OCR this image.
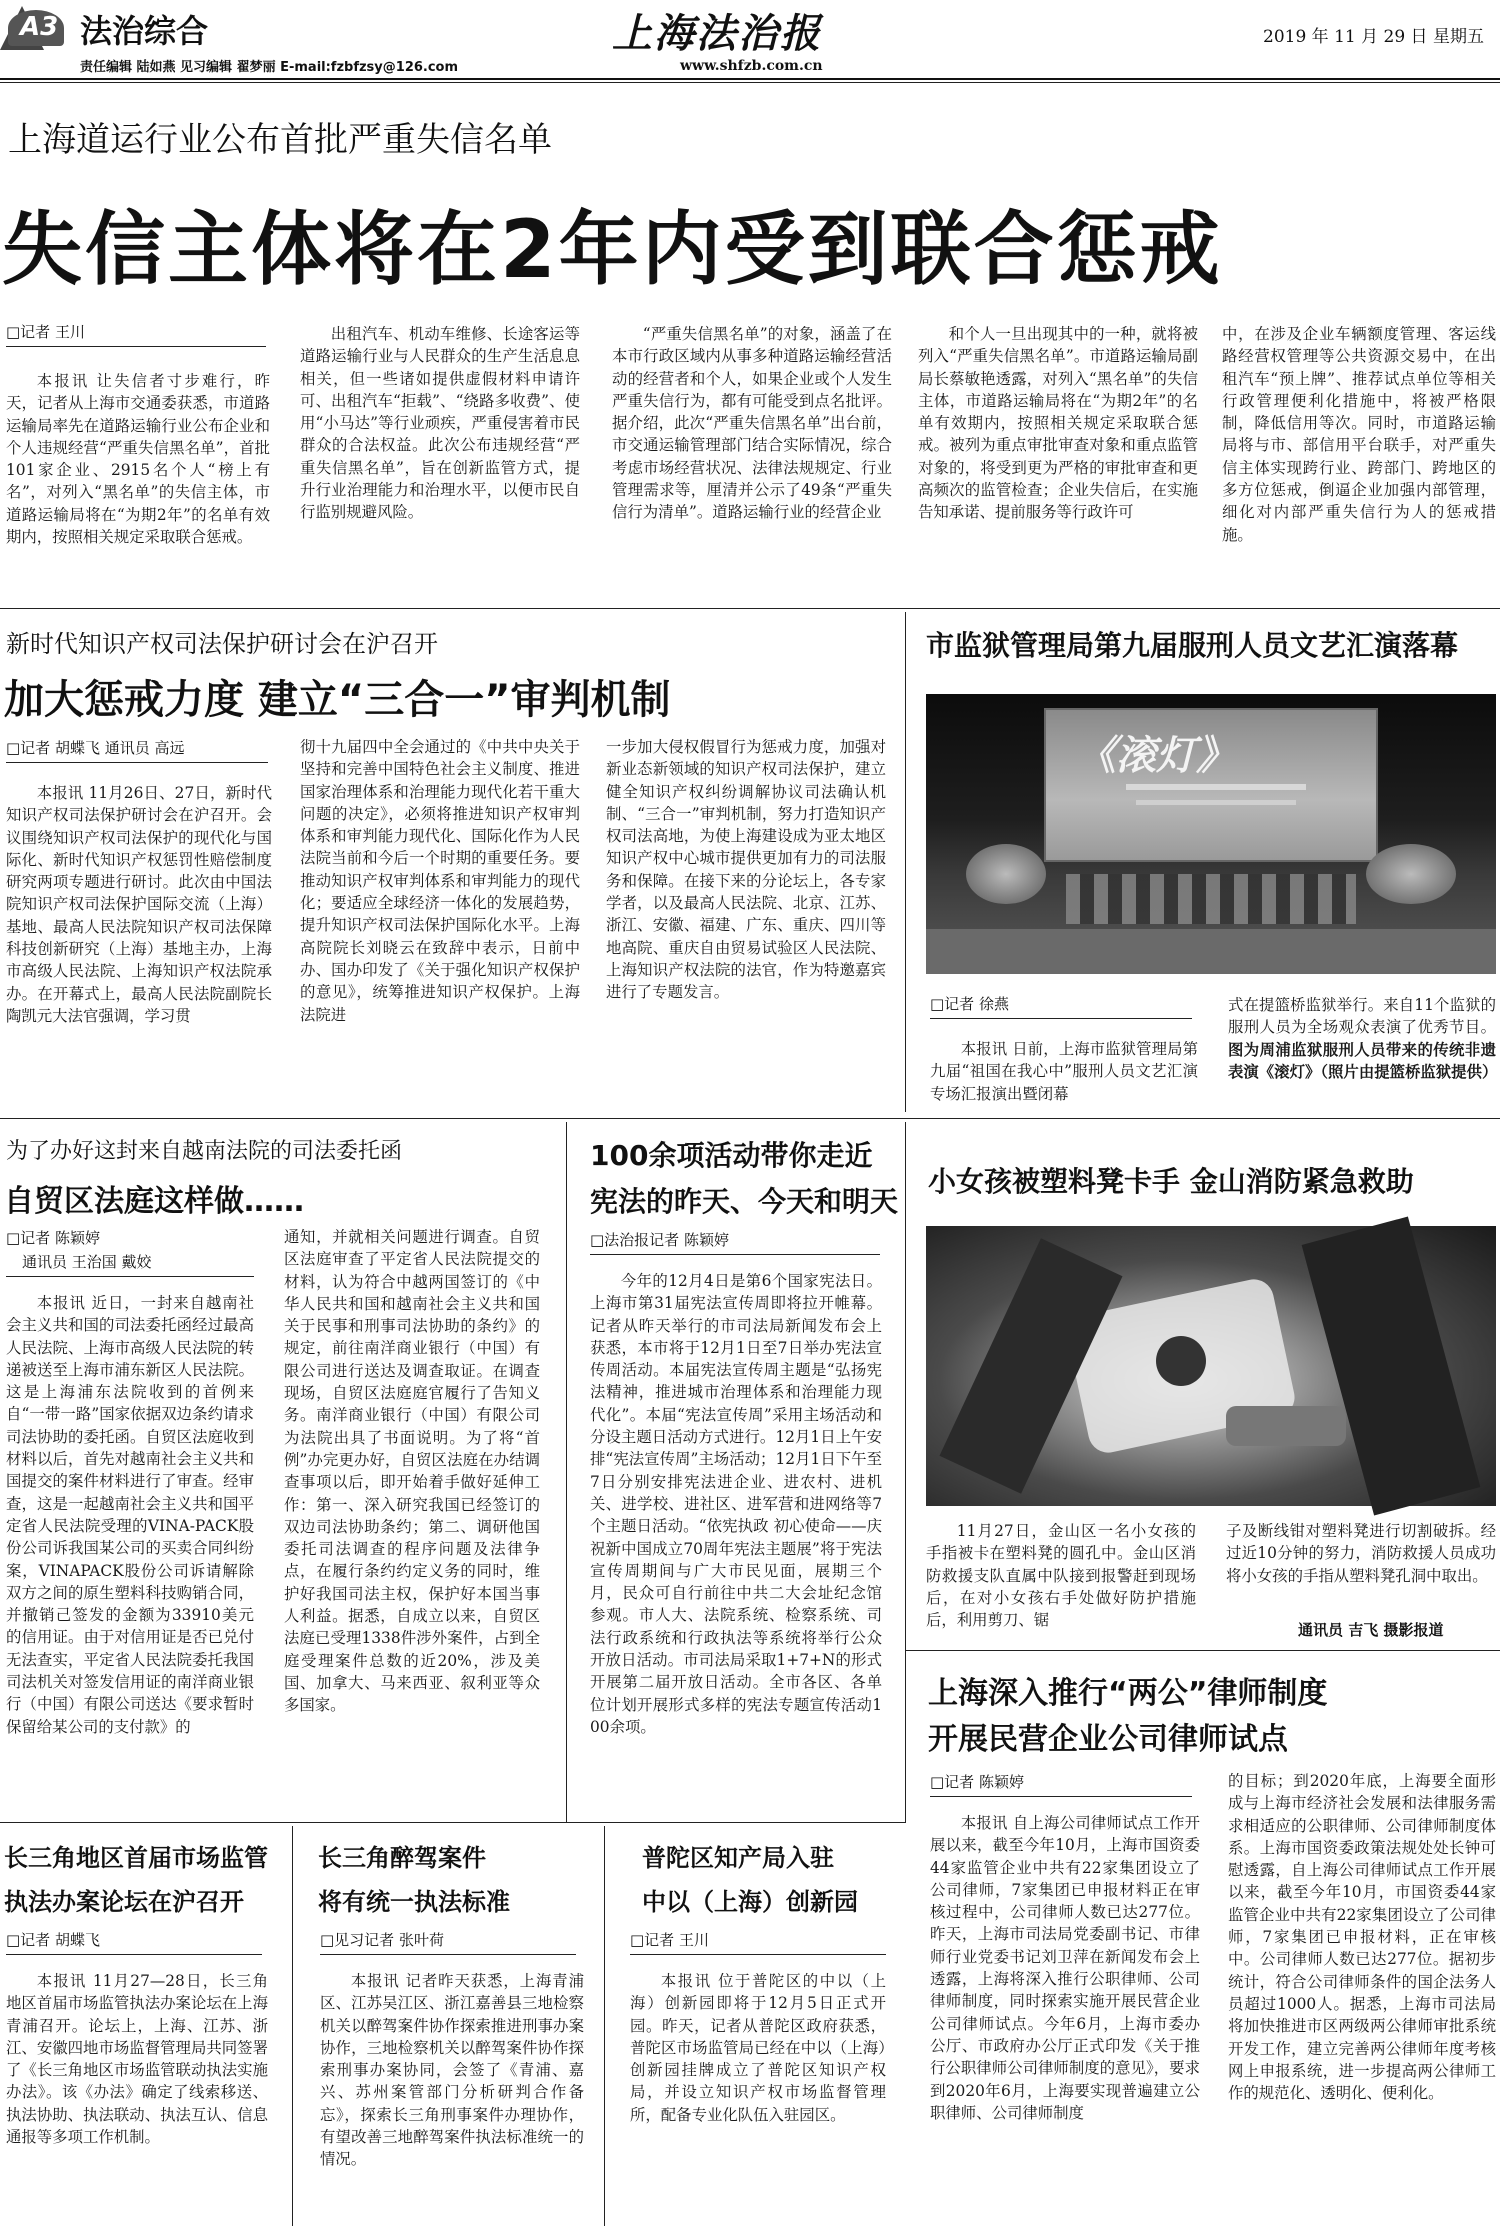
A3 法治综合
责任编辑 陆如燕 见习编辑 翟梦丽 E-mail:fzbfzsy@126.com
上海法治报
www.shfzb.com.cn
2019 年 11 月 29 日 星期五
上海道运行业公布首批严重失信名单
失信主体将在2年内受到联合惩戒
□记者 王川

本报讯 让失信者寸步难行，昨天，记者从上海市交通委获悉，市道路运输局率先在道路运输行业公布企业和个人违规经营“严重失信黑名单”，首批101家企业、2915名个人“榜上有名”，对列入“黑名单”的失信主体，市道路运输局将在“为期2年”的名单有效期内，按照相关规定采取联合惩戒。

出租汽车、机动车维修、长途客运等道路运输行业与人民群众的生产生活息息相关，但一些诸如提供虚假材料申请许可、出租汽车“拒载”、“绕路多收费”、使用“小马达”等行业顽疾，严重侵害着市民群众的合法权益。此次公布违规经营“严重失信黑名单”，旨在创新监管方式，提升行业治理能力和治理水平，以便市民自行监别规避风险。

“严重失信黑名单”的对象，涵盖了在本市行政区域内从事多种道路运输经营活动的经营者和个人，如果企业或个人发生严重失信行为，都有可能受到点名批评。据介绍，此次“严重失信黑名单”出台前，市交通运输管理部门结合实际情况，综合考虑市场经营状况、法律法规规定、行业管理需求等，厘清并公示了49条“严重失信行为清单”。道路运输行业的经营企业

和个人一旦出现其中的一种，就将被列入“严重失信黑名单”。市道路运输局副局长蔡敏艳透露，对列入“黑名单”的失信主体，市道路运输局将在“为期2年”的名单有效期内，按照相关规定采取联合惩戒。被列为重点审批审查对象和重点监管对象的，将受到更为严格的审批审查和更高频次的监管检查；企业失信后，在实施告知承诺、提前服务等行政许可

中，在涉及企业车辆额度管理、客运线路经营权管理等公共资源交易中，在出租汽车“预上牌”、推荐试点单位等相关行政管理便利化措施中，将被严格限制，降低信用等次。同时，市道路运输局将与市、部信用平台联手，对严重失信主体实现跨行业、跨部门、跨地区的多方位惩戒，倒逼企业加强内部管理，细化对内部严重失信行为人的惩戒措施。

新时代知识产权司法保护研讨会在沪召开
加大惩戒力度 建立“三合一”审判机制
□记者 胡蝶飞 通讯员 高远

本报讯 11月26日、27日，新时代知识产权司法保护研讨会在沪召开。会议围绕知识产权司法保护的现代化与国际化、新时代知识产权惩罚性赔偿制度研究两项专题进行研讨。此次由中国法院知识产权司法保护国际交流（上海）基地、最高人民法院知识产权司法保障科技创新研究（上海）基地主办，上海市高级人民法院、上海知识产权法院承办。在开幕式上，最高人民法院副院长陶凯元大法官强调，学习贯

彻十九届四中全会通过的《中共中央关于坚持和完善中国特色社会主义制度、推进国家治理体系和治理能力现代化若干重大问题的决定》，必须将推进知识产权审判体系和审判能力现代化、国际化作为人民法院当前和今后一个时期的重要任务。要推动知识产权审判体系和审判能力的现代化；要适应全球经济一体化的发展趋势，提升知识产权司法保护国际化水平。上海高院院长刘晓云在致辞中表示，日前中办、国办印发了《关于强化知识产权保护的意见》，统筹推进知识产权保护。上海法院进

一步加大侵权假冒行为惩戒力度，加强对新业态新领域的知识产权司法保护，建立健全知识产权纠纷调解协议司法确认机制、“三合一”审判机制，努力打造知识产权司法高地，为使上海建设成为亚太地区知识产权中心城市提供更加有力的司法服务和保障。在接下来的分论坛上，各专家学者，以及最高人民法院、北京、江苏、浙江、安徽、福建、广东、重庆、四川等地高院、重庆自由贸易试验区人民法院、上海知识产权法院的法官，作为特邀嘉宾进行了专题发言。

市监狱管理局第九届服刑人员文艺汇演落幕
《滚灯》
□记者 徐燕

本报讯 日前，上海市监狱管理局第九届“祖国在我心中”服刑人员文艺汇演专场汇报演出暨闭幕

式在提篮桥监狱举行。来自11个监狱的服刑人员为全场观众表演了优秀节目。图为周浦监狱服刑人员带来的传统非遗表演《滚灯》（照片由提篮桥监狱提供）
为了办好这封来自越南法院的司法委托函
自贸区法庭这样做……
□记者 陈颖婷
通讯员 王治国 戴姣

本报讯 近日，一封来自越南社会主义共和国的司法委托函经过最高人民法院、上海市高级人民法院的转递被送至上海市浦东新区人民法院。这是上海浦东法院收到的首例来自“一带一路”国家依据双边条约请求司法协助的委托函。自贸区法庭收到材料以后，首先对越南社会主义共和国提交的案件材料进行了审查。经审查，这是一起越南社会主义共和国平定省人民法院受理的VINA-PACK股份公司诉我国某公司的买卖合同纠纷案，VINAPACK股份公司诉请解除双方之间的原生塑料科技购销合同，并撤销己签发的金额为33910美元的信用证。由于对信用证是否已兑付无法查实，平定省人民法院委托我国司法机关对签发信用证的南洋商业银行（中国）有限公司送达《要求暂时保留给某公司的支付款》的

通知，并就相关问题进行调查。自贸区法庭审查了平定省人民法院提交的材料，认为符合中越两国签订的《中华人民共和国和越南社会主义共和国关于民事和刑事司法协助的条约》的规定，前往南洋商业银行（中国）有限公司进行送达及调查取证。在调查现场，自贸区法庭庭官履行了告知义务。南洋商业银行（中国）有限公司为法院出具了书面说明。为了将“首例”办完更办好，自贸区法庭在办结调查事项以后，即开始着手做好延伸工作：第一、深入研究我国已经签订的双边司法协助条约；第二、调研他国委托司法调查的程序问题及法律争点，在履行条约约定义务的同时，维护好我国司法主权，保护好本国当事人利益。据悉，自成立以来，自贸区法庭已受理1338件涉外案件，占到全庭受理案件总数的近20%，涉及美国、加拿大、马来西亚、叙利亚等众多国家。

100余项活动带你走近
宪法的昨天、今天和明天
□法治报记者 陈颖婷

今年的12月4日是第6个国家宪法日。上海市第31届宪法宣传周即将拉开帷幕。记者从昨天举行的市司法局新闻发布会上获悉，本市将于12月1日至7日举办宪法宣传周活动。本届宪法宣传周主题是“弘扬宪法精神，推进城市治理体系和治理能力现代化”。本届“宪法宣传周”采用主场活动和分设主题日活动方式进行。12月1日上午安排“宪法宣传周”主场活动；12月1日下午至7日分别安排宪法进企业、进农村、进机关、进学校、进社区、进军营和进网络等7个主题日活动。“依宪执政 初心使命——庆祝新中国成立70周年宪法主题展”将于宪法宣传周期间与广大市民见面，展期三个月，民众可自行前往中共二大会址纪念馆参观。市人大、法院系统、检察系统、司法行政系统和行政执法等系统将举行公众开放日活动。市司法局采取1+7+N的形式开展第二届开放日活动。全市各区、各单位计划开展形式多样的宪法专题宣传活动100余项。

小女孩被塑料凳卡手 金山消防紧急救助

11月27日，金山区一名小女孩的手指被卡在塑料凳的圆孔中。金山区消防救援支队直属中队接到报警赶到现场后，在对小女孩右手处做好防护措施后，利用剪刀、锯

子及断线钳对塑料凳进行切割破拆。经过近10分钟的努力，消防救援人员成功将小女孩的手指从塑料凳孔洞中取出。

通讯员 吉飞 摄影报道
上海深入推行“两公”律师制度
开展民营企业公司律师试点
□记者 陈颖婷

本报讯 自上海公司律师试点工作开展以来，截至今年10月，上海市国资委44家监管企业中共有22家集团设立了公司律师，7家集团已申报材料正在审核过程中，公司律师人数已达277位。昨天，上海市司法局党委副书记、市律师行业党委书记刘卫萍在新闻发布会上透露，上海将深入推行公职律师、公司律师制度，同时探索实施开展民营企业公司律师试点。今年6月，上海市委办公厅、市政府办公厅正式印发《关于推行公职律师公司律师制度的意见》，要求到2020年6月，上海要实现普遍建立公职律师、公司律师制度

的目标；到2020年底，上海要全面形成与上海市经济社会发展和法律服务需求相适应的公职律师、公司律师制度体系。上海市国资委政策法规处处长钟可慰透露，自上海公司律师试点工作开展以来，截至今年10月，市国资委44家监管企业中共有22家集团设立了公司律师，7家集团已申报材料，正在审核中。公司律师人数已达277位。据初步统计，符合公司律师条件的国企法务人员超过1000人。据悉，上海市司法局将加快推进市区两级两公律师审批系统开发工作，建立完善两公律师年度考核网上申报系统，进一步提高两公律师工作的规范化、透明化、便利化。

长三角地区首届市场监管
执法办案论坛在沪召开
□记者 胡蝶飞

本报讯 11月27—28日，长三角地区首届市场监管执法办案论坛在上海青浦召开。论坛上，上海、江苏、浙江、安徽四地市场监督管理局共同签署了《长三角地区市场监管联动执法实施办法》。该《办法》确定了线索移送、执法协助、执法联动、执法互认、信息通报等多项工作机制。

长三角醉驾案件
将有统一执法标准
□见习记者 张叶荷

本报讯 记者昨天获悉，上海青浦区、江苏吴江区、浙江嘉善县三地检察机关以醉驾案件协作探索推进刑事办案协作，三地检察机关以醉驾案件协作探索刑事办案协同，会签了《青浦、嘉兴、苏州案管部门分析研判合作备忘》，探索长三角刑事案件办理协作，有望改善三地醉驾案件执法标准统一的情况。

普陀区知产局入驻
中以（上海）创新园
□记者 王川

本报讯 位于普陀区的中以（上海）创新园即将于12月5日正式开园。昨天，记者从普陀区政府获悉，普陀区市场监管局已经在中以（上海）创新园挂牌成立了普陀区知识产权局，并设立知识产权市场监督管理所，配备专业化队伍入驻园区。
